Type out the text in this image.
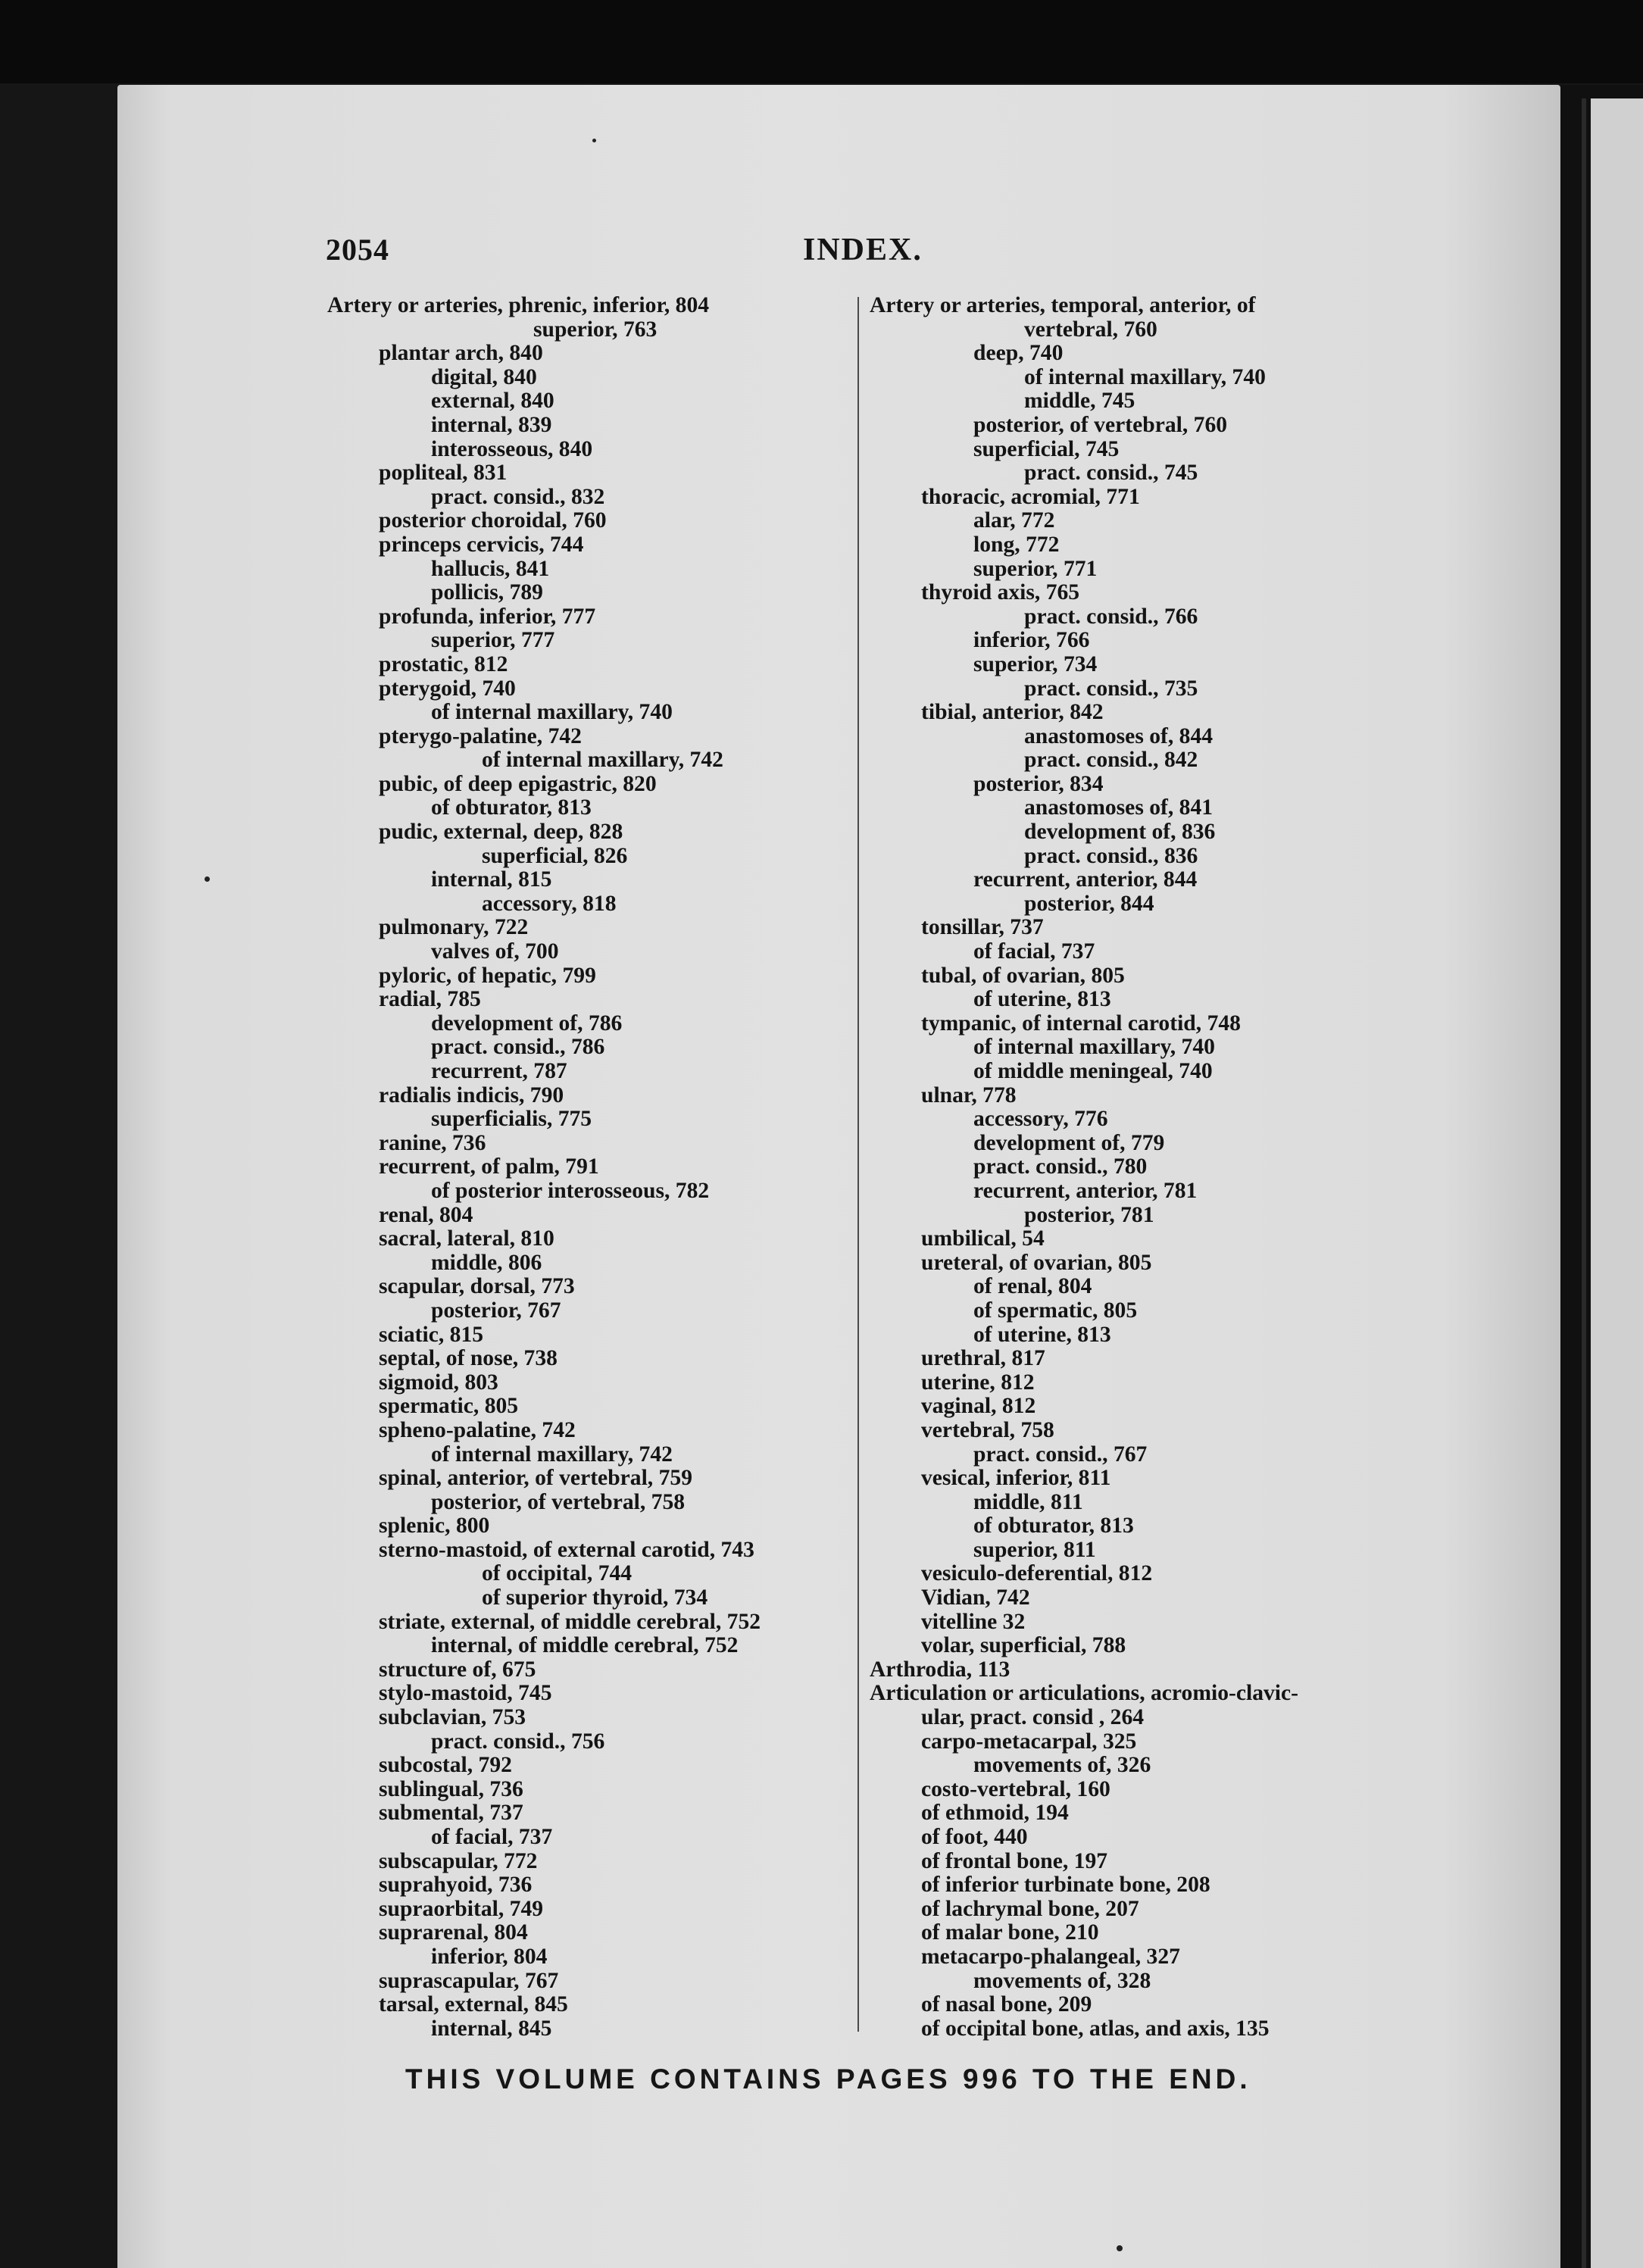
2054	INDEX.
Artery or arteries, phrenic, inferior, 804
superior, 763
plantar arch, 840
digital, 840
external, 840
internal, 839
interosseous, 840
popliteal, 831
pract. consid., 832
posterior choroidal, 760
princeps cervicis, 744
hallucis, 841
pollicis, 789
profunda, inferior, 777
superior, 777
prostatic, 812
pterygoid, 740
of internal maxillary, 740
pterygo-palatine, 742
of internal maxillary, 742
pubic, of deep epigastric, 820
of obturator, 813
pudic, external, deep, 828
superficial, 826
internal, 815
accessory, 818
pulmonary, 722
valves of, 700
pyloric, of hepatic, 799
radial, 785
development of, 786
pract. consid., 786
recurrent, 787
radialis indicis, 790
superficialis, 775
ranine, 736
recurrent, of palm, 791
of posterior interosseous, 782
renal, 804
sacral, lateral, 810
middle, 806
scapular, dorsal, 773
posterior, 767
sciatic, 815
septal, of nose, 738
sigmoid, 803
spermatic, 805
spheno-palatine, 742
of internal maxillary, 742
spinal, anterior, of vertebral, 759
posterior, of vertebral, 758
splenic, 800
sterno-mastoid, of external carotid, 743
of occipital, 744
of superior thyroid, 734
striate, external, of middle cerebral, 752
internal, of middle cerebral, 752
structure of, 675
stylo-mastoid, 745
subclavian, 753
pract. consid., 756
subcostal, 792
sublingual, 736
submental, 737
of facial, 737
subscapular, 772
suprahyoid, 736
supraorbital, 749
suprarenal, 804
inferior, 804
suprascapular, 767
tarsal, external, 845
internal, 845
Artery or arteries, temporal, anterior, of
vertebral, 760
deep, 740
of internal maxillary, 740
middle, 745
posterior, of vertebral, 760
superficial, 745
pract. consid., 745
thoracic, acromial, 771
alar, 772
long, 772
superior, 771
thyroid axis, 765
pract. consid., 766
inferior, 766
superior, 734
pract. consid., 735
tibial, anterior, 842
anastomoses of, 844
pract. consid., 842
posterior, 834
anastomoses of, 841
development of, 836
pract. consid., 836
recurrent, anterior, 844
posterior, 844
tonsillar, 737
of facial, 737
tubal, of ovarian, 805
of uterine, 813
tympanic, of internal carotid, 748
of internal maxillary, 740
of middle meningeal, 740
ulnar, 778
accessory, 776
development of, 779
pract. consid., 780
recurrent, anterior, 781
posterior, 781
umbilical, 54
ureteral, of ovarian, 805
of renal, 804
of spermatic, 805
of uterine, 813
urethral, 817
uterine, 812
vaginal, 812
vertebral, 758
pract. consid., 767
vesical, inferior, 811
middle, 811
of obturator, 813
superior, 811
vesiculo-deferential, 812
Vidian, 742
vitelline 32
volar, superficial, 788
Arthrodia, 113
Articulation or articulations, acromio-clavic-
ular, pract. consid , 264
carpo-metacarpal, 325
movements of, 326
costo-vertebral, 160
of ethmoid, 194
of foot, 440
of frontal bone, 197
of inferior turbinate bone, 208
of lachrymal bone, 207
of malar bone, 210
metacarpo-phalangeal, 327
movements of, 328
of nasal bone, 209
of occipital bone, atlas, and axis, 135
THIS VOLUME CONTAINS PAGES 996 TO THE END.
